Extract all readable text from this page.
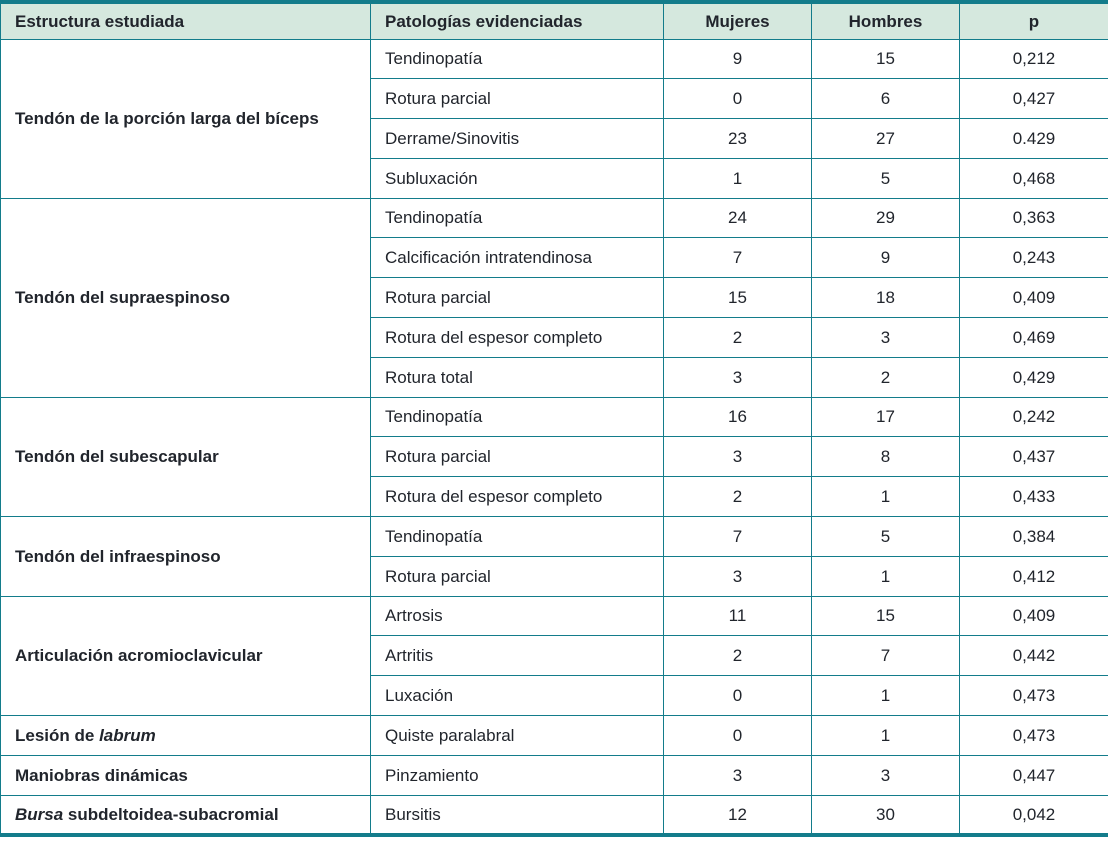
Estructura estudiada	Patologías evidenciadas	Mujeres	Hombres	p
Tendón de la porción larga del bíceps	Tendinopatía	9	15	0,212
	Rotura parcial	0	6	0,427
	Derrame/Sinovitis	23	27	0.429
	Subluxación	1	5	0,468
Tendón del supraespinoso	Tendinopatía	24	29	0,363
	Calcificación intratendinosa	7	9	0,243
	Rotura parcial	15	18	0,409
	Rotura del espesor completo	2	3	0,469
	Rotura total	3	2	0,429
Tendón del subescapular	Tendinopatía	16	17	0,242
	Rotura parcial	3	8	0,437
	Rotura del espesor completo	2	1	0,433
Tendón del infraespinoso	Tendinopatía	7	5	0,384
	Rotura parcial	3	1	0,412
Articulación acromioclavicular	Artrosis	11	15	0,409
	Artritis	2	7	0,442
	Luxación	0	1	0,473
Lesión de labrum	Quiste paralabral	0	1	0,473
Maniobras dinámicas	Pinzamiento	3	3	0,447
Bursa subdeltoidea-subacromial	Bursitis	12	30	0,042
